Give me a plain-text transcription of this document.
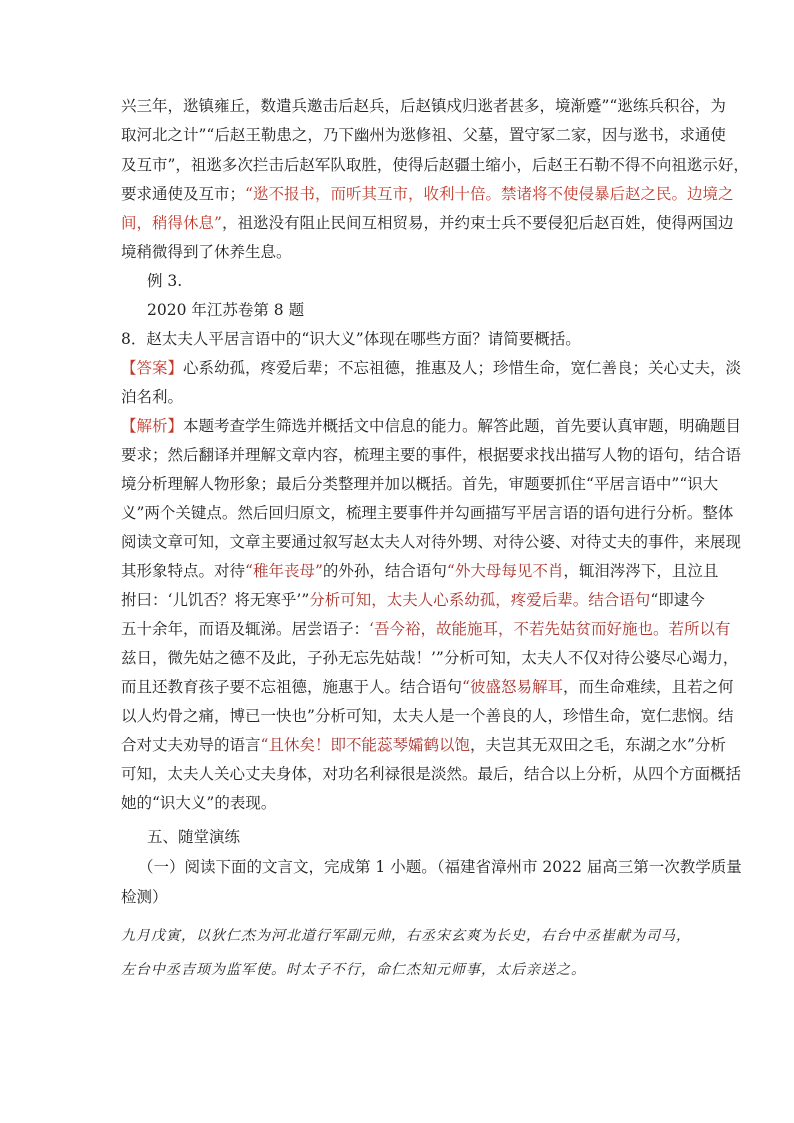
兴三年，逖镇雍丘，数遣兵邀击后赵兵，后赵镇戍归逖者甚多，境渐蹙”“逖练兵积谷，为
取河北之计”“后赵王勒患之，乃下幽州为逖修祖、父墓，置守冢二家，因与逖书，求通使
及互市”，祖逖多次拦击后赵军队取胜，使得后赵疆土缩小，后赵王石勒不得不向祖逖示好，
要求通使及互市；“逖不报书，而听其互市，收利十倍。禁诸将不使侵暴后赵之民。边境之
间，稍得休息”，祖逖没有阻止民间互相贸易，并约束士兵不要侵犯后赵百姓，使得两国边
境稍微得到了休养生息。
例 3.
2020 年江苏卷第 8 题
8．赵太夫人平居言语中的“识大义”体现在哪些方面？请简要概括。
【答案】心系幼孤，疼爱后辈；不忘祖德，推惠及人；珍惜生命，宽仁善良；关心丈夫，淡
泊名利。
【解析】本题考查学生筛选并概括文中信息的能力。解答此题，首先要认真审题，明确题目
要求；然后翻译并理解文章内容，梳理主要的事件，根据要求找出描写人物的语句，结合语
境分析理解人物形象；最后分类整理并加以概括。首先，审题要抓住“平居言语中”“识大
义”两个关键点。然后回归原文，梳理主要事件并勾画描写平居言语的语句进行分析。整体
阅读文章可知，文章主要通过叙写赵太夫人对待外甥、对待公婆、对待丈夫的事件，来展现
其形象特点。对待“稚年丧母”的外孙，结合语句“外大母每见不肖，辄泪涔涔下，且泣且
拊曰：‘儿饥否？将无寒乎’”分析可知，太夫人心系幼孤，疼爱后辈。结合语句“即逮今
五十余年，而语及辄涕。居尝语子：‘吾今裕，故能施耳，不若先姑贫而好施也。若所以有
兹日，微先姑之德不及此，子孙无忘先姑哉！’”分析可知，太夫人不仅对待公婆尽心竭力，
而且还教育孩子要不忘祖德，施惠于人。结合语句“彼盛怒易解耳，而生命难续，且若之何
以人灼骨之痛，博已一快也”分析可知，太夫人是一个善良的人，珍惜生命，宽仁悲悯。结
合对丈夫劝导的语言“且休矣！即不能蕊琴孀鹤以饱，夫岂其无双田之毛，东湖之水”分析
可知，太夫人关心丈夫身体，对功名利禄很是淡然。最后，结合以上分析，从四个方面概括
她的“识大义”的表现。
五、随堂演练
（一）阅读下面的文言文，完成第 1 小题。（福建省漳州市 2022 届高三第一次教学质量
检测）
九月戊寅，以狄仁杰为河北道行军副元帅，右丞宋玄爽为长史，右台中丞崔献为司马，
左台中丞吉顼为监军使。时太子不行，命仁杰知元师事，太后亲送之。
